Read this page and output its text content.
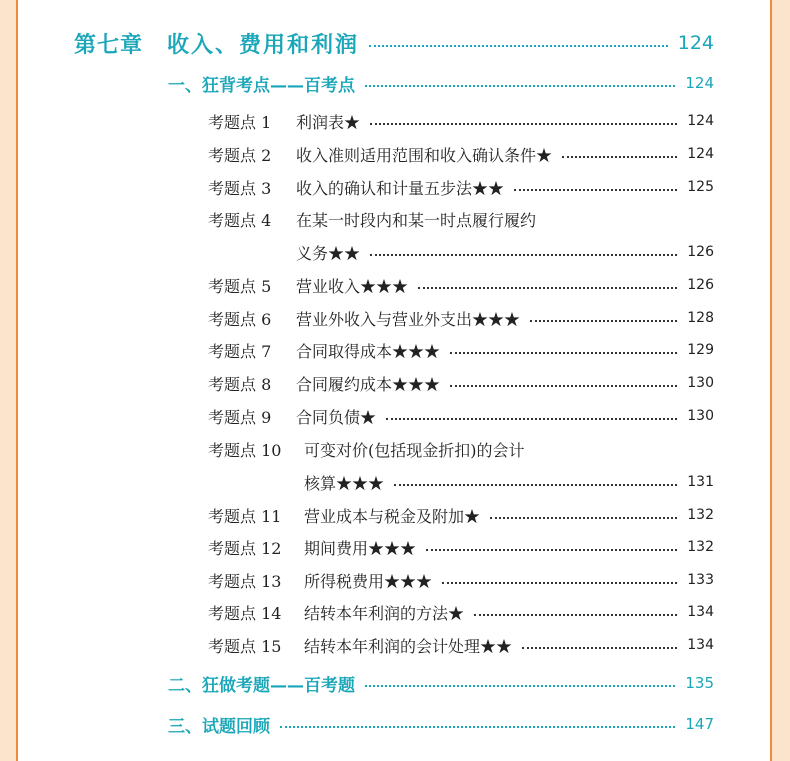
第七章 收入、费用和利润	124
一、狂背考点——百考点	124
考题点 1	利润表★	124
考题点 2	收入准则适用范围和收入确认条件★	124
考题点 3	收入的确认和计量五步法★★	125
考题点 4	在某一时段内和某一时点履行履约
义务★★	126
考题点 5	营业收入★★★	126
考题点 6	营业外收入与营业外支出★★★	128
考题点 7	合同取得成本★★★	129
考题点 8	合同履约成本★★★	130
考题点 9	合同负债★	130
考题点 10	可变对价(包括现金折扣)的会计
核算★★★	131
考题点 11	营业成本与税金及附加★	132
考题点 12	期间费用★★★	132
考题点 13	所得税费用★★★	133
考题点 14	结转本年利润的方法★	134
考题点 15	结转本年利润的会计处理★★	134
二、狂做考题——百考题	135
三、试题回顾	147
